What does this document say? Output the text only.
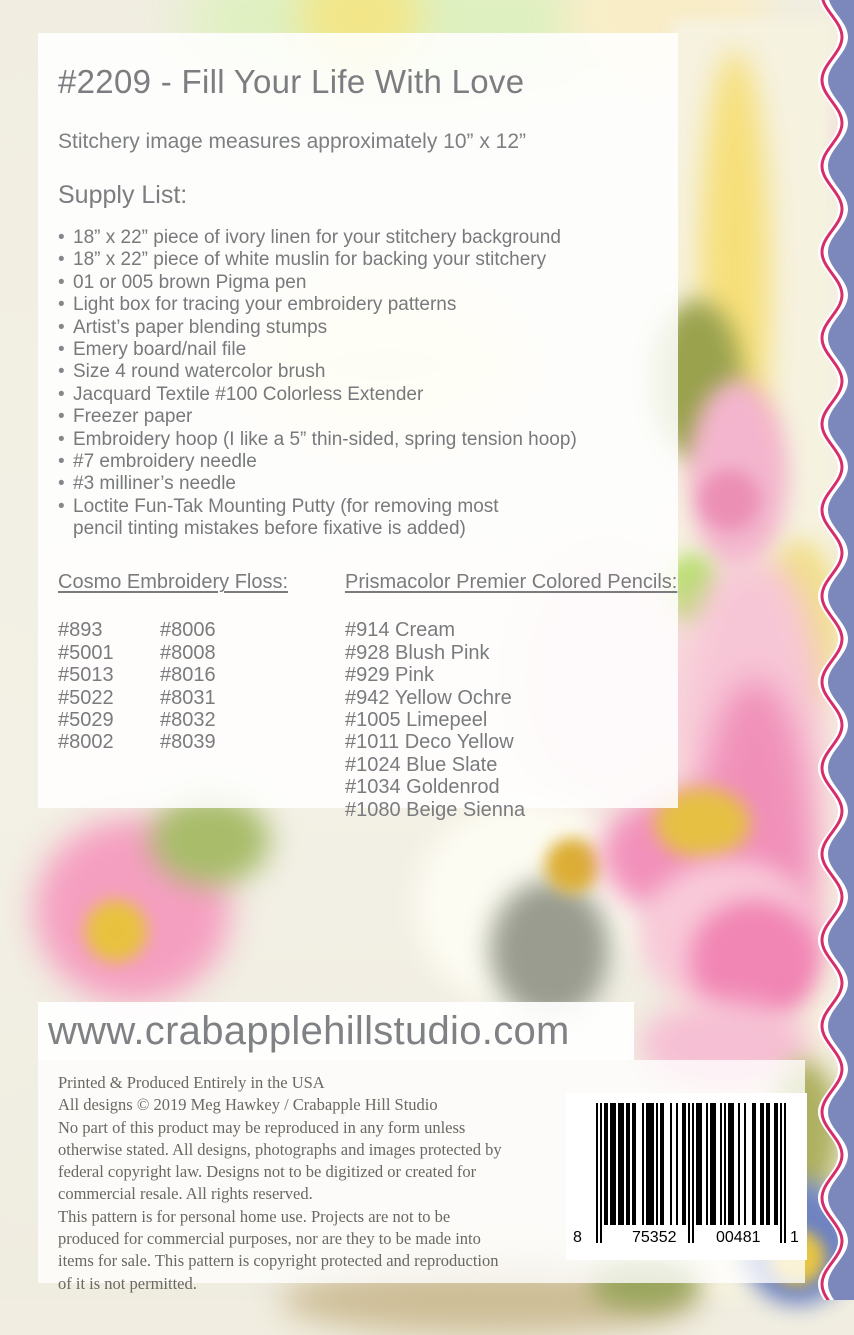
#2209 - Fill Your Life With Love
Stitchery image measures approximately 10” x 12”
Supply List:
• 18” x 22” piece of ivory linen for your stitchery background
• 18” x 22” piece of white muslin for backing your stitchery
• 01 or 005 brown Pigma pen
• Light box for tracing your embroidery patterns
• Artist’s paper blending stumps
• Emery board/nail file
• Size 4 round watercolor brush
• Jacquard Textile #100 Colorless Extender
• Freezer paper
• Embroidery hoop (I like a 5” thin-sided, spring tension hoop)
• #7 embroidery needle
• #3 milliner’s needle
• Loctite Fun-Tak Mounting Putty (for removing most
pencil tinting mistakes before fixative is added)
Cosmo Embroidery Floss:
#893
#5001
#5013
#5022
#5029
#8002
#8006
#8008
#8016
#8031
#8032
#8039
Prismacolor Premier Colored Pencils:
#914 Cream
#928 Blush Pink
#929 Pink
#942 Yellow Ochre
#1005 Limepeel
#1011 Deco Yellow
#1024 Blue Slate
#1034 Goldenrod
#1080 Beige Sienna
www.crabapplehillstudio.com
Printed & Produced Entirely in the USA
All designs © 2019 Meg Hawkey / Crabapple Hill Studio
No part of this product may be reproduced in any form unless
otherwise stated. All designs, photographs and images protected by
federal copyright law. Designs not to be digitized or created for
commercial resale. All rights reserved.
This pattern is for personal home use. Projects are not to be
produced for commercial purposes, nor are they to be made into
items for sale. This pattern is copyright protected and reproduction
of it is not permitted.
8	75352 00481 1
